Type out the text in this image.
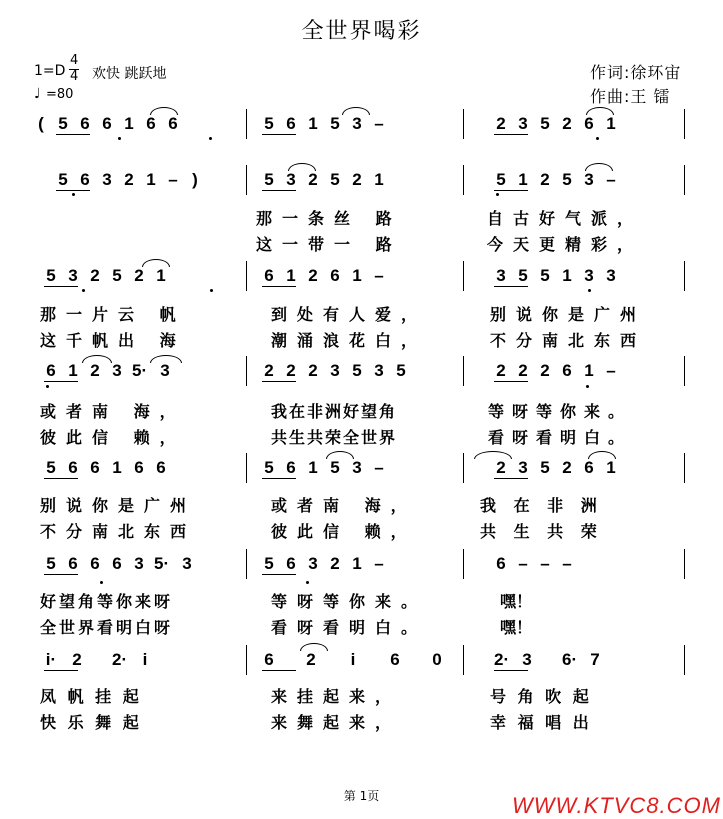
全世界喝彩
1=D
4
4 欢快 跳跃地
♩ =80
作词:徐环宙
作曲:王 镭
( 5 6 6 1 6 6	5 6 1 5 3 –	2 3 5 2 6 1
5 6 3 2 1 – )	5 3 2 5 2 1	5 1 2 5 3 –
5 3 2 5 2 1	6 1 2 6 1 –	3 5 5 1 3 3
6 1 2 3 5· 3	2 2 2 3 5 3 5	2 2 2 6 1 –
5 6 6 1 6 6	5 6 1 5 3 –	2 3 5 2 6 1
5 6 6 6 3 5· 3	5 6 3 2 1 –	6 – – –
i· 2 2· i	6 2 i 6 0	2· 3 6· 7
那一条丝 路	自古好气派，
这一带一 路	今天更精彩，
那一片云 帆	到处有人爱，	别说你是广州
这千帆出 海	潮涌浪花白，	不分南北东西
或者南 海，	我在非洲好望角	等呀等你来。
彼此信 赖，	共生共荣全世界	看呀看明白。
别说你是广州	或者南 海，	我 在 非 洲
不分南北东西	彼此信 赖，	共 生 共 荣
好望角等你来呀	等呀等你来。	嘿！
全世界看明白呀	看呀看明白。	嘿！
凤 帆 挂 起	来挂起来，	号 角 吹 起
快 乐 舞 起	来舞起来，	幸 福 唱 出
第 1页	WWW.KTVC8.COM
